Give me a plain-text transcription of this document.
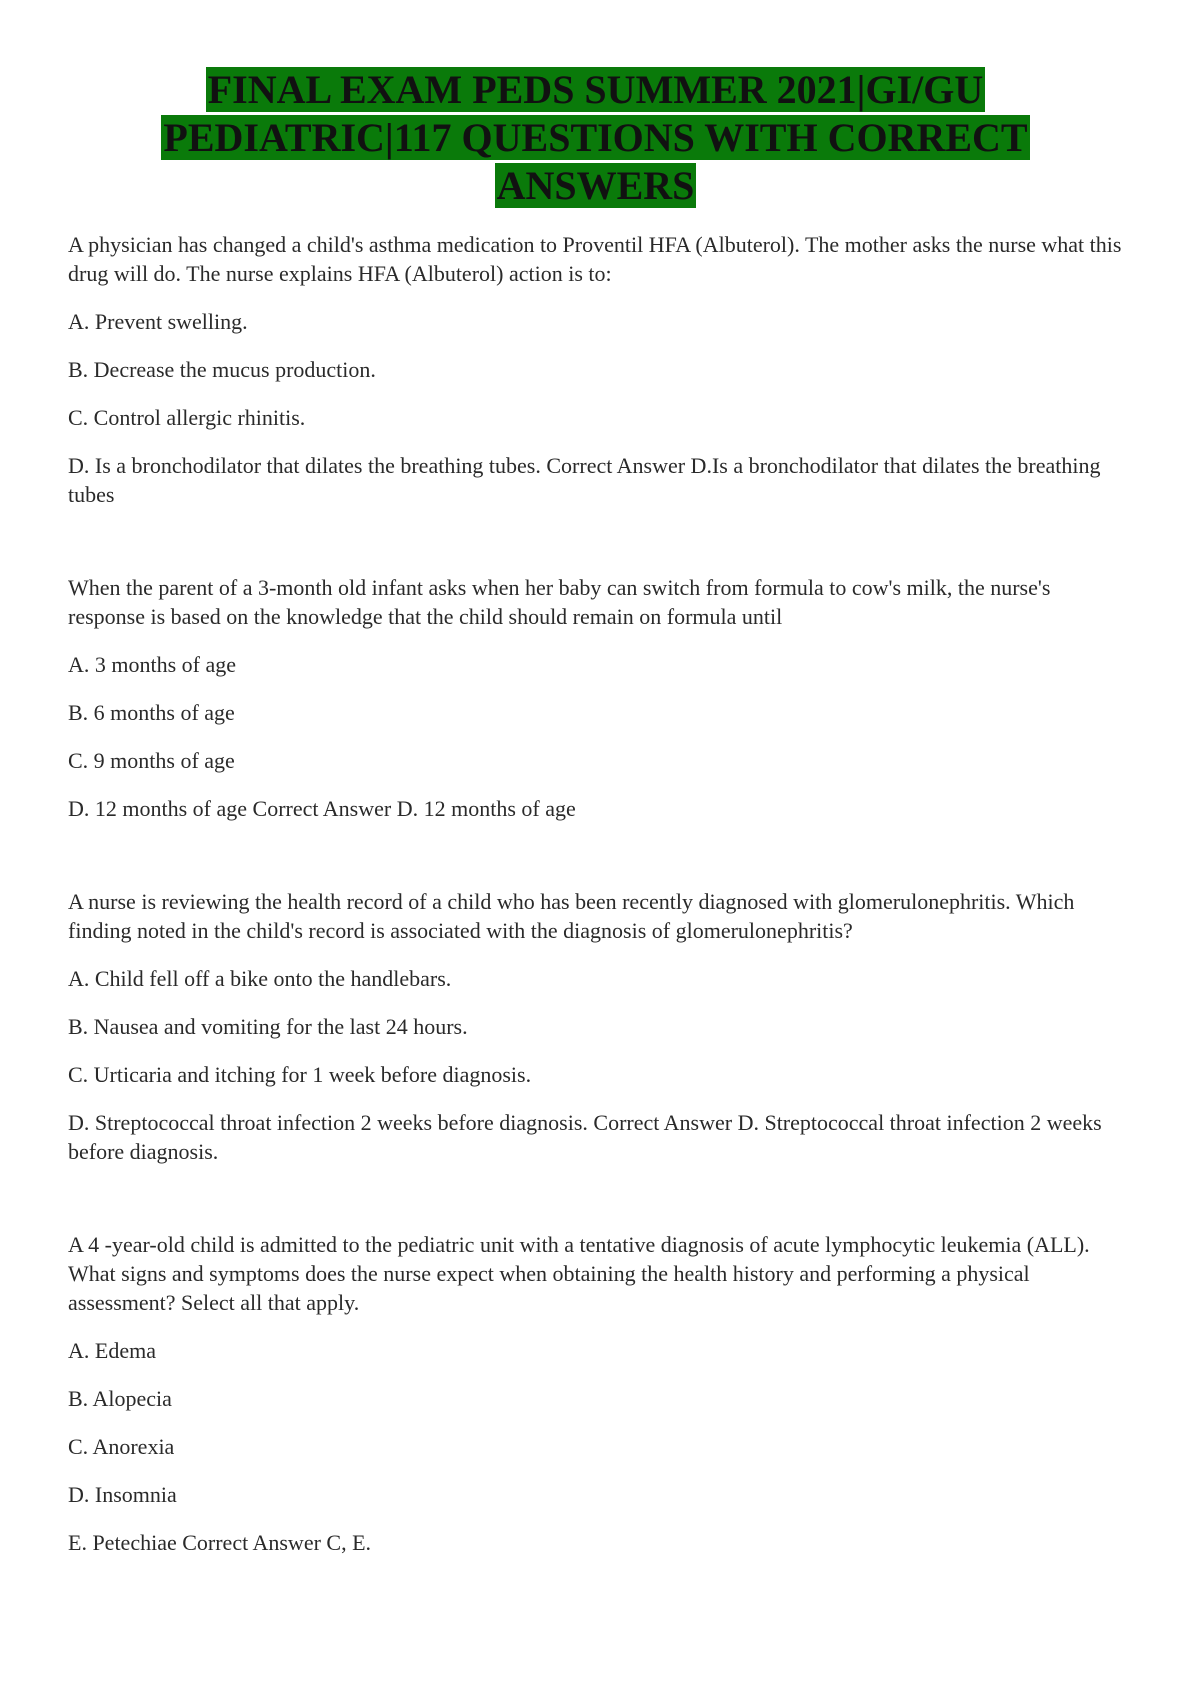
FINAL EXAM PEDS SUMMER 2021|GI/GU
PEDIATRIC|117 QUESTIONS WITH CORRECT
ANSWERS

A physician has changed a child's asthma medication to Proventil HFA (Albuterol). The mother asks the nurse what this drug will do. The nurse explains HFA (Albuterol) action is to:

A. Prevent swelling.

B. Decrease the mucus production.

C. Control allergic rhinitis.

D. Is a bronchodilator that dilates the breathing tubes. Correct Answer D.Is a bronchodilator that dilates the breathing tubes

When the parent of a 3-month old infant asks when her baby can switch from formula to cow's milk, the nurse's response is based on the knowledge that the child should remain on formula until

A. 3 months of age

B. 6 months of age

C. 9 months of age

D. 12 months of age Correct Answer D. 12 months of age

A nurse is reviewing the health record of a child who has been recently diagnosed with glomerulonephritis. Which finding noted in the child's record is associated with the diagnosis of glomerulonephritis?

A. Child fell off a bike onto the handlebars.

B. Nausea and vomiting for the last 24 hours.

C. Urticaria and itching for 1 week before diagnosis.

D. Streptococcal throat infection 2 weeks before diagnosis. Correct Answer D. Streptococcal throat infection 2 weeks before diagnosis.

A 4 -year-old child is admitted to the pediatric unit with a tentative diagnosis of acute lymphocytic leukemia (ALL). What signs and symptoms does the nurse expect when obtaining the health history and performing a physical assessment? Select all that apply.

A. Edema

B. Alopecia

C. Anorexia

D. Insomnia

E. Petechiae Correct Answer C, E.
